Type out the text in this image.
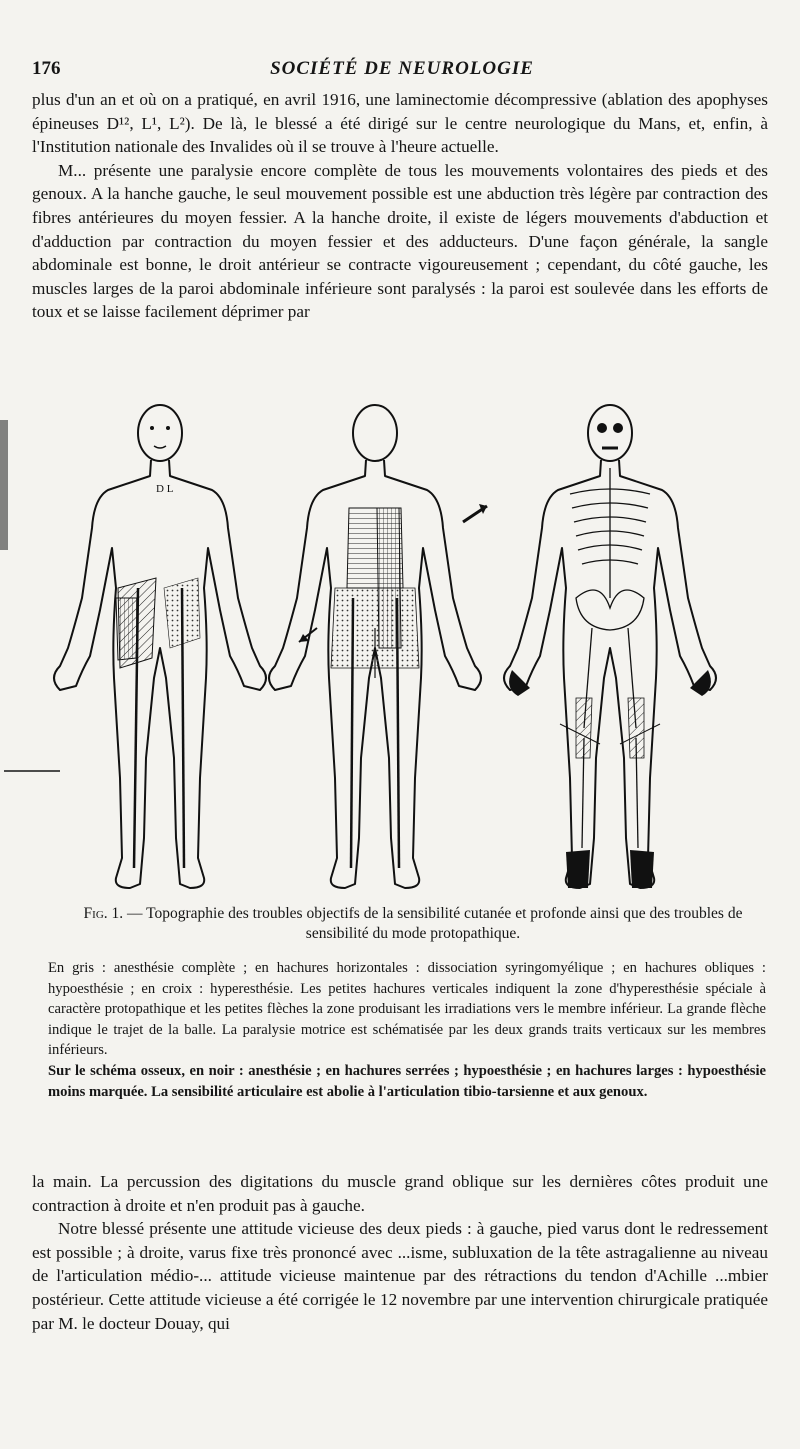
176	SOCIÉTÉ DE NEUROLOGIE

plus d'un an et où on a pratiqué, en avril 1916, une laminectomie décompressive (ablation des apophyses épineuses D¹², L¹, L²). De là, le blessé a été dirigé sur le centre neurologique du Mans, et, enfin, à l'Institution nationale des Invalides où il se trouve à l'heure actuelle.

M... présente une paralysie encore complète de tous les mouvements volontaires des pieds et des genoux. A la hanche gauche, le seul mouvement possible est une abduction très légère par contraction des fibres antérieures du moyen fessier. A la hanche droite, il existe de légers mouvements d'abduction et d'adduction par contraction du moyen fessier et des adducteurs. D'une façon générale, la sangle abdominale est bonne, le droit antérieur se contracte vigoureusement ; cependant, du côté gauche, les muscles larges de la paroi abdominale inférieure sont paralysés : la paroi est soulevée dans les efforts de toux et se laisse facilement déprimer par

D L
Fig. 1. — Topographie des troubles objectifs de la sensibilité cutanée et profonde ainsi que des troubles de sensibilité du mode protopathique.

En gris : anesthésie complète ; en hachures horizontales : dissociation syringomyélique ; en hachures obliques : hypoesthésie ; en croix : hyperesthésie. Les petites hachures verticales indiquent la zone d'hyperesthésie spéciale à caractère protopathique et les petites flèches la zone produisant les irradiations vers le membre inférieur. La grande flèche indique le trajet de la balle. La paralysie motrice est schématisée par les deux grands traits verticaux sur les membres inférieurs.

Sur le schéma osseux, en noir : anesthésie ; en hachures serrées ; hypoesthésie ; en hachures larges : hypoesthésie moins marquée. La sensibilité articulaire est abolie à l'articulation tibio-tarsienne et aux genoux.

la main. La percussion des digitations du muscle grand oblique sur les dernières côtes produit une contraction à droite et n'en produit pas à gauche.

Notre blessé présente une attitude vicieuse des deux pieds : à gauche, pied varus dont le redressement est possible ; à droite, varus fixe très prononcé avec ...isme, subluxation de la tête astragalienne au niveau de l'articulation médio-... attitude vicieuse maintenue par des rétractions du tendon d'Achille ...mbier postérieur. Cette attitude vicieuse a été corrigée le 12 novembre par une intervention chirurgicale pratiquée par M. le docteur Douay, qui
